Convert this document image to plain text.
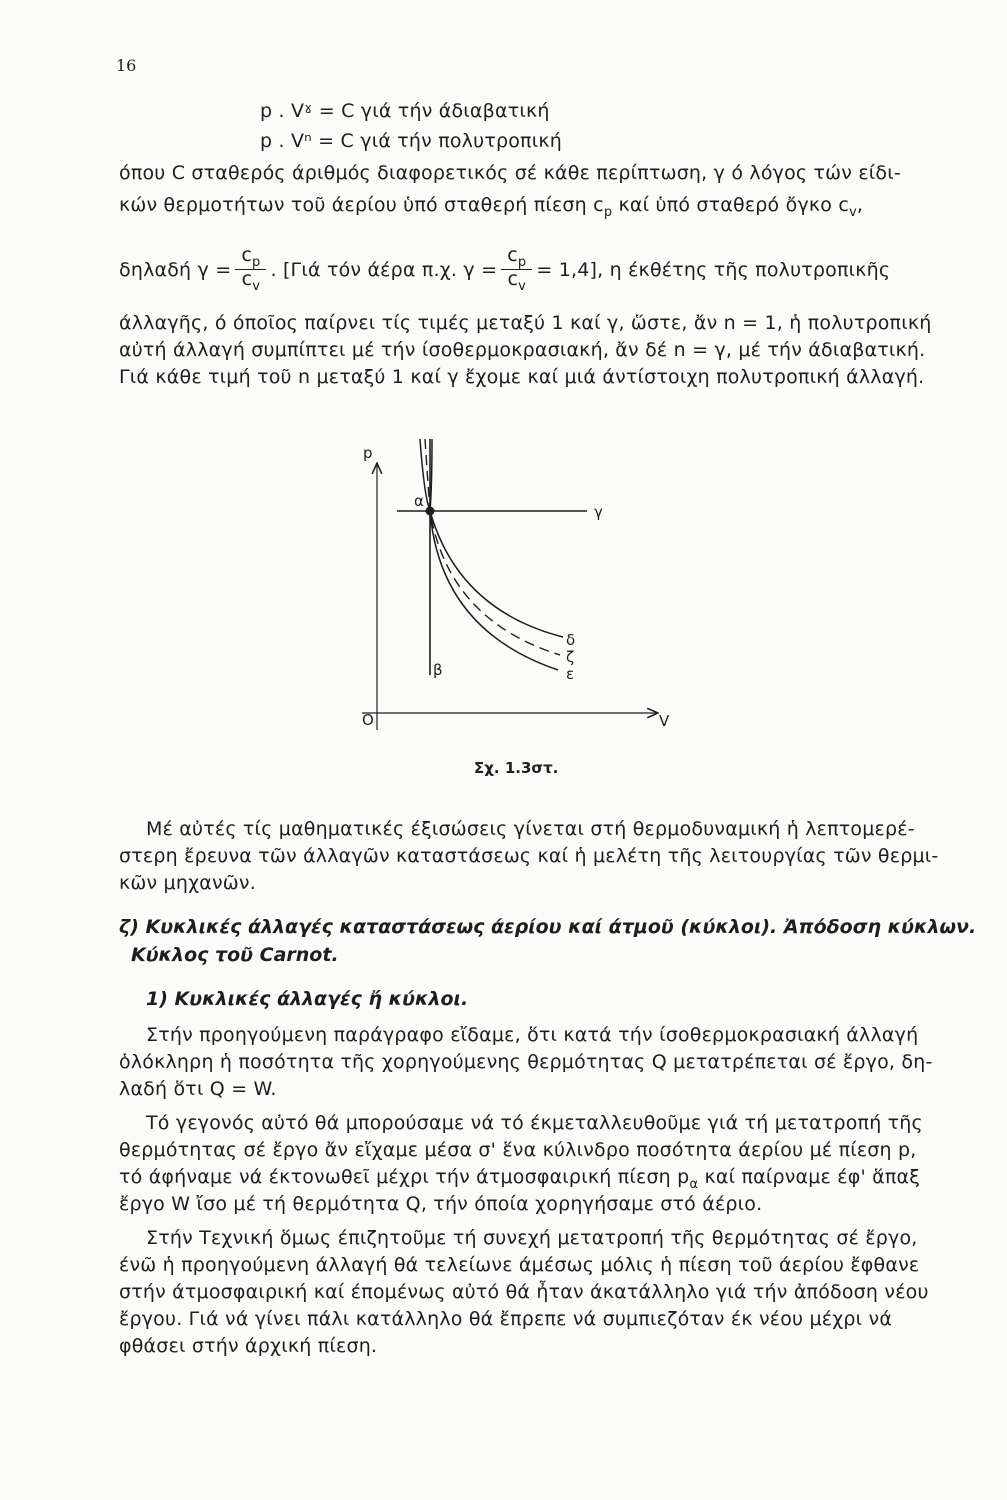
16
p . Vˠ = C γιά τήν άδιαβατική
p . Vⁿ = C γιά τήν πολυτροπική
όπου C σταθερός άριθμός διαφορετικός σέ κάθε περίπτωση, γ ό λόγος τών είδι-
κών θερμοτήτων τοῦ άερίου ὑπό σταθερή πίεση $c_p$ καί ὑπό σταθερό ὄγκο $c_v$,
δηλαδή $\gamma = \frac{c_p}{c_v}$ . [Γιά τόν άέρα π.χ. $\gamma = \frac{c_p}{c_v} = 1,4$], η έκθέτης τῆς πολυτροπικῆς
άλλαγῆς, ό όποῖος παίρνει τίς τιμές μεταξύ 1 καί γ, ὥστε, ἄν n = 1, ἡ πολυτροπική
αὐτή άλλαγή συμπίπτει μέ τήν ίσοθερμοκρασιακή, ἄν δέ n = γ, μέ τήν άδιαβατική.
Γιά κάθε τιμή τοῦ n μεταξύ 1 καί γ ἔχομε καί μιά άντίστοιχη πολυτροπική άλλαγή.
p
V
O
γ
β
α
δ
ζ
ε
Σχ. 1.3στ.
Μέ αὐτές τίς μαθηματικές έξισώσεις γίνεται στή θερμοδυναμική ἡ λεπτομερέ-
στερη ἔρευνα τῶν άλλαγῶν καταστάσεως καί ἡ μελέτη τῆς λειτουργίας τῶν θερμι-
κῶν μηχανῶν.
ζ) Κυκλικές άλλαγές καταστάσεως άερίου καί άτμοῦ (κύκλοι). Ἀπόδοση κύκλων.
Κύκλος τοῦ Carnot.
1) Κυκλικές άλλαγές ἤ κύκλοι.
Στήν προηγούμενη παράγραφο εἴδαμε, ὅτι κατά τήν ίσοθερμοκρασιακή άλλαγή
ὁλόκληρη ἡ ποσότητα τῆς χορηγούμενης θερμότητας Q μετατρέπεται σέ ἔργο, δη-
λαδή ὅτι Q = W.
Τό γεγονός αὐτό θά μπορούσαμε νά τό έκμεταλλευθοῦμε γιά τή μετατροπή τῆς
θερμότητας σέ ἔργο ἄν εἴχαμε μέσα σ' ἕνα κύλινδρο ποσότητα άερίου μέ πίεση p,
τό άφήναμε νά έκτονωθεῖ μέχρι τήν άτμοσφαιρική πίεση $p_\alpha$ καί παίρναμε έφ' ἅπαξ
ἔργο W ἴσο μέ τή θερμότητα Q, τήν όποία χορηγήσαμε στό άέριο.
Στήν Τεχνική ὅμως έπιζητοῦμε τή συνεχή μετατροπή τῆς θερμότητας σέ ἔργο,
ένῶ ἡ προηγούμενη άλλαγή θά τελείωνε άμέσως μόλις ἡ πίεση τοῦ άερίου ἔφθανε
στήν άτμοσφαιρική καί έπομένως αὐτό θά ἦταν άκατάλληλο γιά τήν ἀπόδοση νέου
ἔργου. Γιά νά γίνει πάλι κατάλληλο θά ἔπρεπε νά συμπιεζόταν έκ νέου μέχρι νά
φθάσει στήν άρχική πίεση.
